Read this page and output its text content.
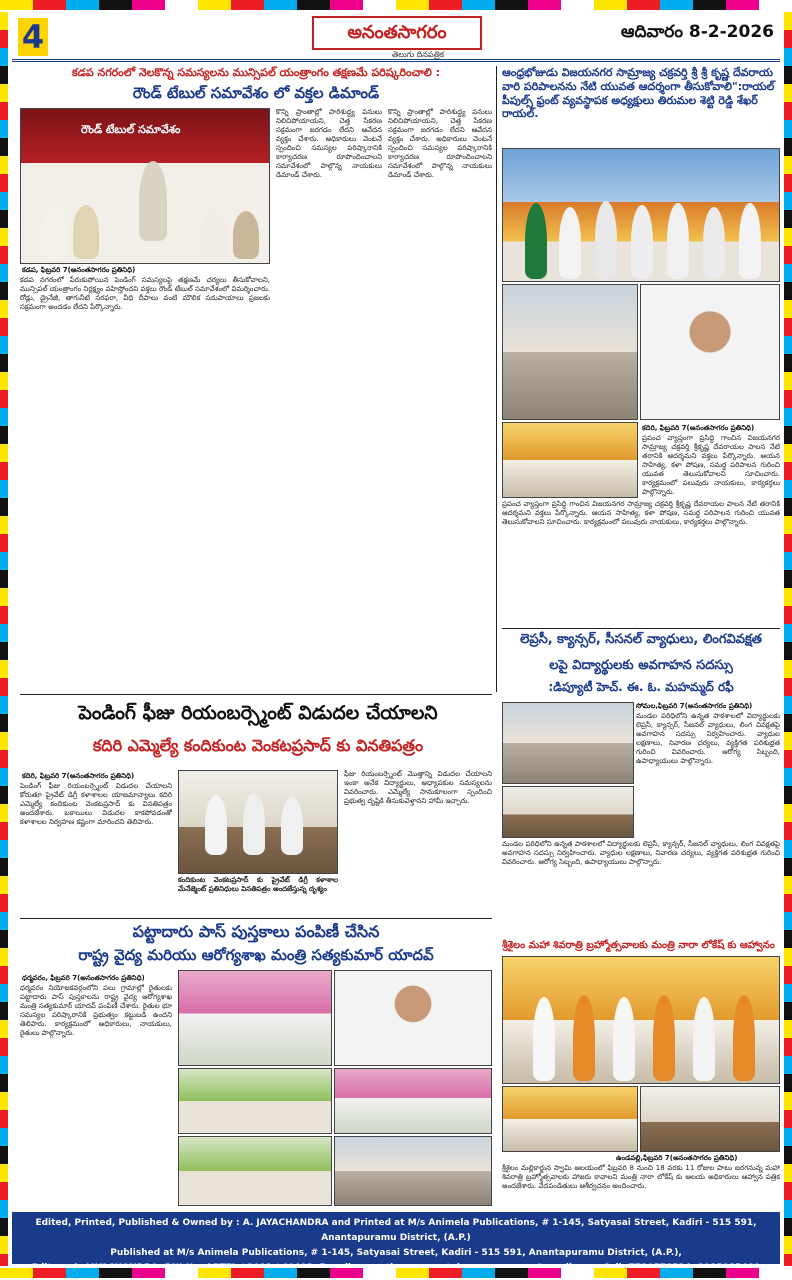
4	అనంతసాగరం
తెలుగు దినపత్రిక
ఆదివారం 8-2-2026
కడప నగరంలో నెలకొన్న సమస్యలను మున్సిపల్ యంత్రాంగం తక్షణమే పరిష్కరించాలి :
రౌండ్ టేబుల్ సమావేశం లో వక్తల డిమాండ్
రౌండ్ టేబుల్ సమావేశం
కడప, ఫిబ్రవరి 7(అనంతసాగరం ప్రతినిధి)
కడప నగరంలో పేరుకుపోయిన పెండింగ్ సమస్యలపై తక్షణమే చర్యలు తీసుకోవాలని, మున్సిపల్ యంత్రాంగం నిర్లక్ష్యం వహిస్తోందని వక్తలు రౌండ్ టేబుల్ సమావేశంలో విమర్శించారు. రోడ్లు, డ్రైనేజీ, తాగునీటి సరఫరా, వీధి దీపాలు వంటి మౌలిక సదుపాయాలు ప్రజలకు సక్రమంగా అందడం లేదని పేర్కొన్నారు.
కొన్ని ప్రాంతాల్లో పారిశుద్ధ్య పనులు నిలిచిపోయాయని, చెత్త సేకరణ సక్రమంగా జరగడం లేదని ఆవేదన వ్యక్తం చేశారు. అధికారులు వెంటనే స్పందించి సమస్యల పరిష్కారానికి కార్యాచరణ రూపొందించాలని సమావేశంలో పాల్గొన్న నాయకులు డిమాండ్ చేశారు.
కొన్ని ప్రాంతాల్లో పారిశుద్ధ్య పనులు నిలిచిపోయాయని, చెత్త సేకరణ సక్రమంగా జరగడం లేదని ఆవేదన వ్యక్తం చేశారు. అధికారులు వెంటనే స్పందించి సమస్యల పరిష్కారానికి కార్యాచరణ రూపొందించాలని సమావేశంలో పాల్గొన్న నాయకులు డిమాండ్ చేశారు.
ఆంధ్రభోజుడు విజయనగర సామ్రాజ్య చక్రవర్తి శ్రీ శ్రీ కృష్ణ దేవరాయ వారి పరిపాలనను నేటి యువత ఆదర్శంగా తీసుకోవాలి":రాయల్ పీపుల్స్ ఫ్రంట్ వ్యవస్థాపక అధ్యక్షులు తిరుమల శెట్టి రెడ్డి శేఖర్ రాయల్.
కదిరి, ఫిబ్రవరి 7(అనంతసాగరం ప్రతినిధి)
ప్రపంచ వ్యాప్తంగా ప్రసిద్ధి గాంచిన విజయనగర సామ్రాజ్య చక్రవర్తి శ్రీకృష్ణ దేవరాయల పాలన నేటి తరానికి ఆదర్శమని వక్తలు పేర్కొన్నారు. ఆయన సాహిత్య, కళా పోషణ, సమర్థ పరిపాలన గురించి యువత తెలుసుకోవాలని సూచించారు. కార్యక్రమంలో పలువురు నాయకులు, కార్యకర్తలు పాల్గొన్నారు.
ప్రపంచ వ్యాప్తంగా ప్రసిద్ధి గాంచిన విజయనగర సామ్రాజ్య చక్రవర్తి శ్రీకృష్ణ దేవరాయల పాలన నేటి తరానికి ఆదర్శమని వక్తలు పేర్కొన్నారు. ఆయన సాహిత్య, కళా పోషణ, సమర్థ పరిపాలన గురించి యువత తెలుసుకోవాలని సూచించారు. కార్యక్రమంలో పలువురు నాయకులు, కార్యకర్తలు పాల్గొన్నారు.
లెప్రసీ, క్యాన్సర్, సీసనల్ వ్యాధులు, లింగవివక్షత
లపై విద్యార్థులకు అవగాహన సదస్సు
:డిప్యూటీ హెచ్. ఈ. ఓ. మహమ్మద్ రఫీ
పెండింగ్ ఫీజు రియంబర్స్మెంట్ విడుదల చేయాలని
కదిరి ఎమ్మెల్యే కందికుంట వెంకటప్రసాద్ కు వినతిపత్రం
కదిరి, ఫిబ్రవరి 7(అనంతసాగరం ప్రతినిధి)
పెండింగ్ ఫీజు రియంబర్స్మెంట్ విడుదల చేయాలని కోరుతూ ప్రైవేట్ డిగ్రీ కళాశాలల యాజమాన్యాలు కదిరి ఎమ్మెల్యే కందికుంట వెంకటప్రసాద్ కు వినతిపత్రం అందజేశారు. బకాయిలు విడుదల కాకపోవడంతో కళాశాలల నిర్వహణ కష్టంగా మారిందని తెలిపారు.
కందికుంట వెంకటప్రసాద్ కు ప్రైవేట్ డిగ్రీ కళాశాల మేనేజ్మెంట్ ప్రతినిధులు వినతిపత్రం అందజేస్తున్న దృశ్యం
ఫీజు రియంబర్స్మెంట్ మొత్తాన్ని విడుదల చేయాలని ఇంకా అనేక విద్యార్థులు, అధ్యాపకుల సమస్యలను వివరించారు. ఎమ్మెల్యే సానుకూలంగా స్పందించి ప్రభుత్వ దృష్టికి తీసుకువెళ్తానని హామీ ఇచ్చారు.
సోమల,ఫిబ్రవరి 7(అనంతసాగరం ప్రతినిధి)
మండల పరిధిలోని ఉన్నత పాఠశాలలో విద్యార్థులకు లెప్రసీ, క్యాన్సర్, సీజనల్ వ్యాధులు, లింగ వివక్షతపై అవగాహన సదస్సు నిర్వహించారు. వ్యాధుల లక్షణాలు, నివారణ చర్యలు, వ్యక్తిగత పరిశుభ్రత గురించి వివరించారు. ఆరోగ్య సిబ్బంది, ఉపాధ్యాయులు పాల్గొన్నారు.
మండల పరిధిలోని ఉన్నత పాఠశాలలో విద్యార్థులకు లెప్రసీ, క్యాన్సర్, సీజనల్ వ్యాధులు, లింగ వివక్షతపై అవగాహన సదస్సు నిర్వహించారు. వ్యాధుల లక్షణాలు, నివారణ చర్యలు, వ్యక్తిగత పరిశుభ్రత గురించి వివరించారు. ఆరోగ్య సిబ్బంది, ఉపాధ్యాయులు పాల్గొన్నారు.
పట్టాదారు పాస్ పుస్తకాలు పంపిణీ చేసిన
రాష్ట్ర వైద్య మరియు ఆరోగ్యశాఖ మంత్రి సత్యకుమార్ యాదవ్
ధర్మవరం, ఫిబ్రవరి 7(అనంతసాగరం ప్రతినిధి)
ధర్మవరం నియోజకవర్గంలోని పలు గ్రామాల్లో రైతులకు పట్టాదారు పాస్ పుస్తకాలను రాష్ట్ర వైద్య ఆరోగ్యశాఖ మంత్రి సత్యకుమార్ యాదవ్ పంపిణీ చేశారు. రైతుల భూ సమస్యల పరిష్కారానికి ప్రభుత్వం కట్టుబడి ఉందని తెలిపారు. కార్యక్రమంలో అధికారులు, నాయకులు, రైతులు పాల్గొన్నారు.
శ్రీశైలం మహా శివరాత్రి బ్రహ్మోత్సవాలకు మంత్రి నారా లోకేష్ కు ఆహ్వానం
ఉండవల్లి,ఫిబ్రవరి 7(అనంతసాగరం ప్రతినిధి)
శ్రీశైలం మల్లికార్జున స్వామి ఆలయంలో ఫిబ్రవరి 8 నుంచి 18 వరకు 11 రోజుల పాటు జరగనున్న మహా శివరాత్రి బ్రహ్మోత్సవాలకు హాజరు కావాలని మంత్రి నారా లోకేష్ కు ఆలయ అధికారులు ఆహ్వాన పత్రిక అందజేశారు. వేదపండితులు ఆశీర్వచనం అందించారు.
Edited, Printed, Published & Owned by : A. JAYACHANDRA and Printed at M/s Animela Publications, # 1-145, Satyasai Street, Kadiri - 515 591, Anantapuramu District, (A.P.)
Published at M/s Animela Publications, # 1-145, Satyasai Street, Kadiri - 515 591, Anantapuramu District, (A.P.),
